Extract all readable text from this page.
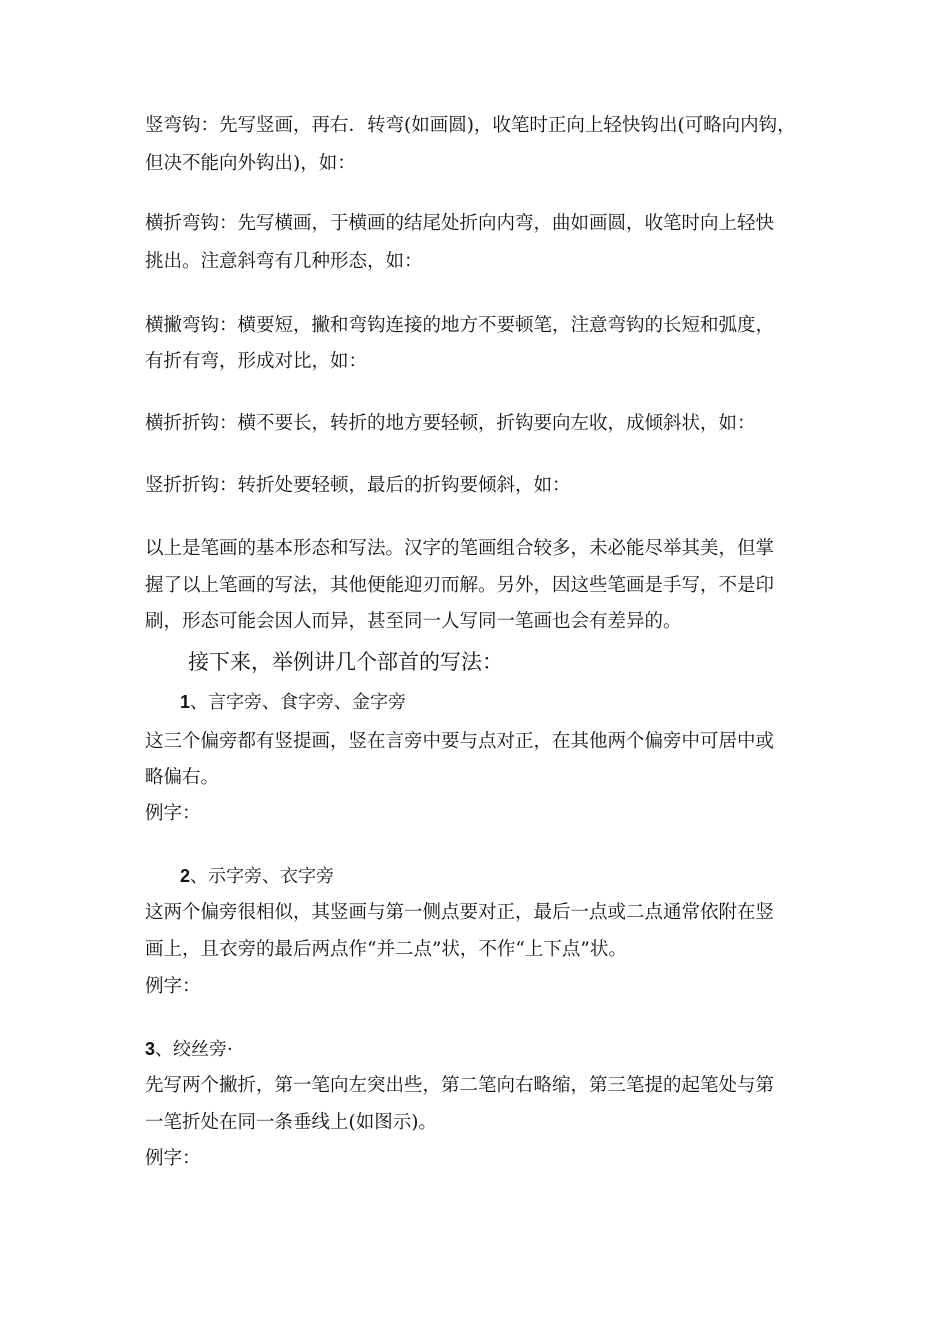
竖弯钩：先写竖画，再右．转弯(如画圆)，收笔时正向上轻快钩出(可略向内钩，
但决不能向外钩出)，如：
横折弯钩：先写横画，于横画的结尾处折向内弯，曲如画圆，收笔时向上轻快
挑出。注意斜弯有几种形态，如：
横撇弯钩：横要短，撇和弯钩连接的地方不要顿笔，注意弯钩的长短和弧度，
有折有弯，形成对比，如：
横折折钩：横不要长，转折的地方要轻顿，折钩要向左收，成倾斜状，如：
竖折折钩：转折处要轻顿，最后的折钩要倾斜，如：
以上是笔画的基本形态和写法。汉字的笔画组合较多，未必能尽举其美，但掌
握了以上笔画的写法，其他便能迎刃而解。另外，因这些笔画是手写，不是印
刷，形态可能会因人而异，甚至同一人写同一笔画也会有差异的。
接下来，举例讲几个部首的写法：
1、言字旁、食字旁、金字旁
这三个偏旁都有竖提画，竖在言旁中要与点对正，在其他两个偏旁中可居中或
略偏右。
例字：
2、示字旁、衣字旁
这两个偏旁很相似，其竖画与第一侧点要对正，最后一点或二点通常依附在竖
画上，且衣旁的最后两点作“并二点”状，不作“上下点”状。
例字：
3、绞丝旁·
先写两个撇折，第一笔向左突出些，第二笔向右略缩，第三笔提的起笔处与第
一笔折处在同一条垂线上(如图示)。
例字：
